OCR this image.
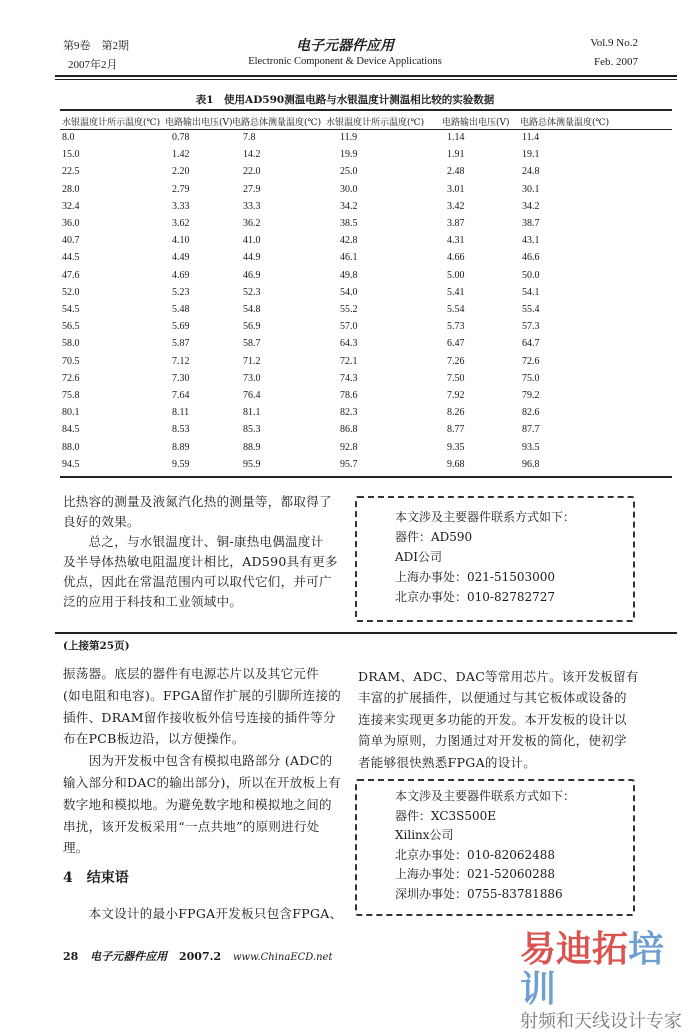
第9卷　第2期
2007年2月
电子元器件应用
Electronic Component & Device Applications
Vol.9 No.2
Feb. 2007
表1　使用AD590测温电路与水银温度计测温相比较的实验数据
水银温度计所示温度(℃) 电路输出电压(V) 电路总体测量温度(℃) 水银温度计所示温度(℃) 电路输出电压(V) 电路总体测量温度(℃)
8.0	0.78	7.8	11.9	1.14	11.4
15.0	1.42	14.2	19.9	1.91	19.1
22.5	2.20	22.0	25.0	2.48	24.8
28.0	2.79	27.9	30.0	3.01	30.1
32.4	3.33	33.3	34.2	3.42	34.2
36.0	3.62	36.2	38.5	3.87	38.7
40.7	4.10	41.0	42.8	4.31	43.1
44.5	4.49	44.9	46.1	4.66	46.6
47.6	4.69	46.9	49.8	5.00	50.0
52.0	5.23	52.3	54.0	5.41	54.1
54.5	5.48	54.8	55.2	5.54	55.4
56.5	5.69	56.9	57.0	5.73	57.3
58.0	5.87	58.7	64.3	6.47	64.7
70.5	7.12	71.2	72.1	7.26	72.6
72.6	7.30	73.0	74.3	7.50	75.0
75.8	7.64	76.4	78.6	7.92	79.2
80.1	8.11	81.1	82.3	8.26	82.6
84.5	8.53	85.3	86.8	8.77	87.7
88.0	8.89	88.9	92.8	9.35	93.5
94.5	9.59	95.9	95.7	9.68	96.8
比热容的测量及液氮汽化热的测量等，都取得了
良好的效果。
　　总之，与水银温度计、铜-康热电偶温度计
及半导体热敏电阻温度计相比，AD590具有更多
优点，因此在常温范围内可以取代它们，并可广
泛的应用于科技和工业领域中。
本文涉及主要器件联系方式如下：
器件：AD590
ADI公司
上海办事处：021-51503000
北京办事处：010-82782727
(上接第25页)
振荡器。底层的器件有电源芯片以及其它元件
(如电阻和电容)。FPGA留作扩展的引脚所连接的
插件、DRAM留作接收板外信号连接的插件等分
布在PCB板边沿，以方便操作。
　　因为开发板中包含有模拟电路部分 (ADC的
输入部分和DAC的输出部分)，所以在开放板上有
数字地和模拟地。为避免数字地和模拟地之间的
串扰，该开发板采用“一点共地”的原则进行处
理。
4　结束语
　　本文设计的最小FPGA开发板只包含FPGA、
DRAM、ADC、DAC等常用芯片。该开发板留有
丰富的扩展插件，以便通过与其它板体或设备的
连接来实现更多功能的开发。本开发板的设计以
简单为原则，力图通过对开发板的简化，使初学
者能够很快熟悉FPGA的设计。
本文涉及主要器件联系方式如下：
器件：XC3S500E
Xilinx公司
北京办事处：010-82062488
上海办事处：021-52060288
深圳办事处：0755-83781886
28 电子元器件应用 2007.2 www.ChinaECD.net	易迪拓培训
射频和天线设计专家
